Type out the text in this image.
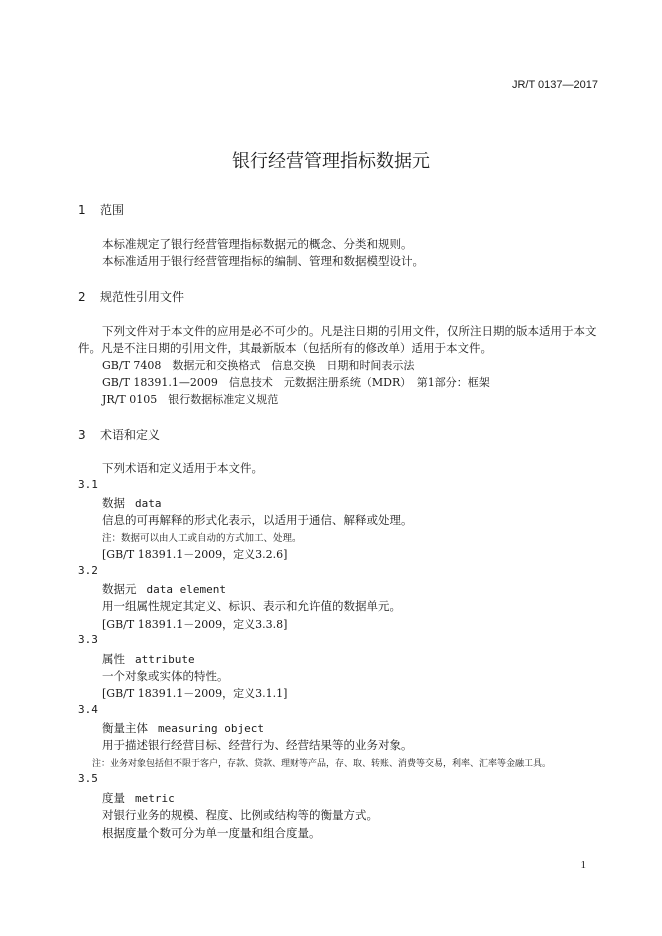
JR/T 0137—2017
银行经营管理指标数据元
1 范围
本标准规定了银行经营管理指标数据元的概念、分类和规则。
本标准适用于银行经营管理指标的编制、管理和数据模型设计。
2 规范性引用文件
下列文件对于本文件的应用是必不可少的。凡是注日期的引用文件，仅所注日期的版本适用于本文
件。凡是不注日期的引用文件，其最新版本（包括所有的修改单）适用于本文件。
GB/T 7408　数据元和交换格式　信息交换　日期和时间表示法
GB/T 18391.1—2009　信息技术　元数据注册系统（MDR）　第1部分：框架
JR/T 0105　银行数据标准定义规范
3 术语和定义
下列术语和定义适用于本文件。
3.1
数据 data
信息的可再解释的形式化表示，以适用于通信、解释或处理。
注：数据可以由人工或自动的方式加工、处理。
[GB/T 18391.1－2009，定义3.2.6]
3.2
数据元 data element
用一组属性规定其定义、标识、表示和允许值的数据单元。
[GB/T 18391.1－2009，定义3.3.8]
3.3
属性 attribute
一个对象或实体的特性。
[GB/T 18391.1－2009，定义3.1.1]
3.4
衡量主体 measuring object
用于描述银行经营目标、经营行为、经营结果等的业务对象。
注：业务对象包括但不限于客户，存款、贷款、理财等产品，存、取、转账、消费等交易，利率、汇率等金融工具。
3.5
度量 metric
对银行业务的规模、程度、比例或结构等的衡量方式。
根据度量个数可分为单一度量和组合度量。
1
